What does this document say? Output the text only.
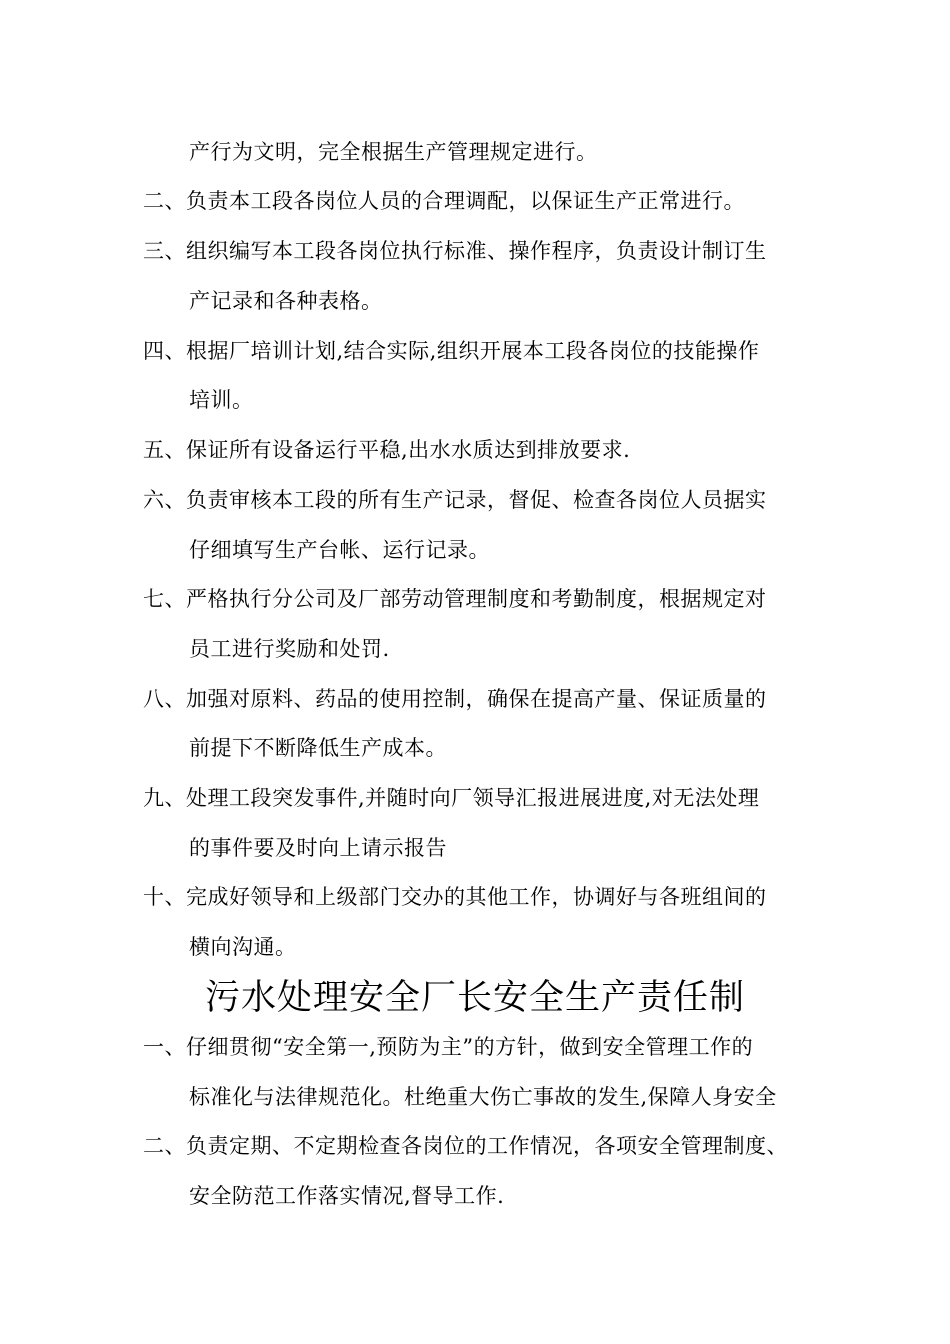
产行为文明，完全根据生产管理规定进行。
二、负责本工段各岗位人员的合理调配，以保证生产正常进行。
三、组织编写本工段各岗位执行标准、操作程序，负责设计制订生
产记录和各种表格。
四、根据厂培训计划,结合实际,组织开展本工段各岗位的技能操作
培训。
五、保证所有设备运行平稳,出水水质达到排放要求.
六、负责审核本工段的所有生产记录，督促、检查各岗位人员据实
仔细填写生产台帐、运行记录。
七、严格执行分公司及厂部劳动管理制度和考勤制度，根据规定对
员工进行奖励和处罚.
八、加强对原料、药品的使用控制，确保在提高产量、保证质量的
前提下不断降低生产成本。
九、处理工段突发事件,并随时向厂领导汇报进展进度,对无法处理
的事件要及时向上请示报告
十、完成好领导和上级部门交办的其他工作，协调好与各班组间的
横向沟通。
污水处理安全厂长安全生产责任制
一、仔细贯彻“安全第一,预防为主”的方针，做到安全管理工作的
标准化与法律规范化。杜绝重大伤亡事故的发生,保障人身安全
二、负责定期、不定期检查各岗位的工作情况，各项安全管理制度、
安全防范工作落实情况,督导工作.
